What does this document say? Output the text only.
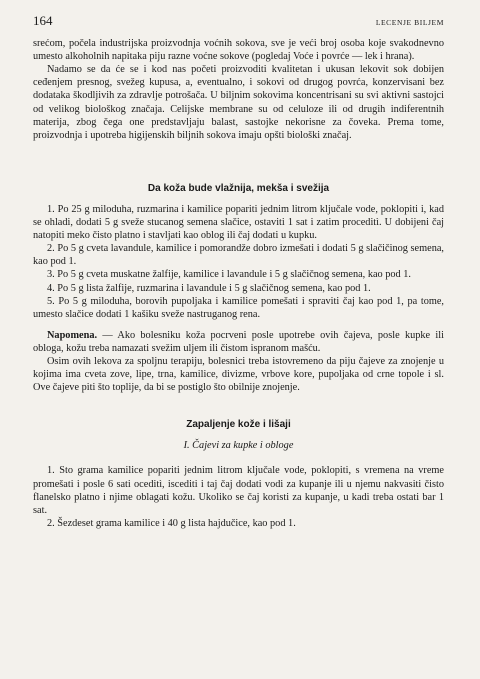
164	LECENJE BILJEM

srećom, počela industrijska proizvodnja voćnih sokova, sve je veći broj osoba koje svakodnevno umesto alkoholnih napitaka piju razne voćne sokove (pogledaj Voće i povrće — lek i hrana).

Nadamo se da će se i kod nas početi proizvoditi kvalitetan i ukusan lekovit sok dobijen ceđenjem presnog, svežeg kupusa, a, eventualno, i sokovi od drugog povrća, konzervisani bez dodataka škodljivih za zdravlje potrošača. U biljnim sokovima koncentrisani su svi aktivni sastojci od velikog biološkog značaja. Celijske membrane su od celuloze ili od drugih indiferentnih materija, zbog čega one predstavljaju balast, sastojke nekorisne za čoveka. Prema tome, proizvodnja i upotreba higijenskih biljnih sokova imaju opšti biološki značaj.

Da koža bude vlažnija, mekša i svežija

1. Po 25 g miloduha, ruzmarina i kamilice popariti jednim litrom ključale vode, poklopiti i, kad se ohladi, dodati 5 g sveže stucanog semena slačice, ostaviti 1 sat i zatim proceditì. U dobijeni čaj natopiti meko čisto platno i stavljati kao oblog ili čaj dodati u kupku.

2. Po 5 g cveta lavandule, kamilice i pomorandže dobro izmešati i dodati 5 g slačičinog semena, kao pod 1.

3. Po 5 g cveta muskatne žalfije, kamilice i lavandule i 5 g slačičnog semena, kao pod 1.

4. Po 5 g lista žalfije, ruzmarina i lavandule i 5 g slačičnog semena, kao pod 1.

5. Po 5 g miloduha, borovih pupoljaka i kamilice pomešati i spraviti čaj kao pod 1, pa tome, umesto slačice dodati 1 kašiku sveže nastruganog rena.

Napomena. — Ako bolesniku koža pocrveni posle upotrebe ovih čajeva, posle kupke ili obloga, kožu treba namazati svežim uljem ili čistom ispranom mašću.

Osim ovih lekova za spoljnu terapiju, bolesnici treba istovremeno da piju čajeve za znojenje u kojima ima cveta zove, lipe, trna, kamilice, divizme, vrbove kore, pupoljaka od crne topole i sl. Ove čajeve piti što toplije, da bi se postiglo što obilnije znojenje.

Zapaljenje kože i lišaji

I. Čajevi za kupke i obloge

1. Sto grama kamilice popariti jednim litrom ključale vode, poklopiti, s vremena na vreme promešati i posle 6 sati oceditì, iscediti i taj čaj dodati vodi za kupanje ili u njemu nakvasiti čisto flanelsko platno i njime oblagati kožu. Ukoliko se čaj koristi za kupanje, u kadi treba ostati bar 1 sat.

2. Šezdeset grama kamilice i 40 g lista hajdučice, kao pod 1.
